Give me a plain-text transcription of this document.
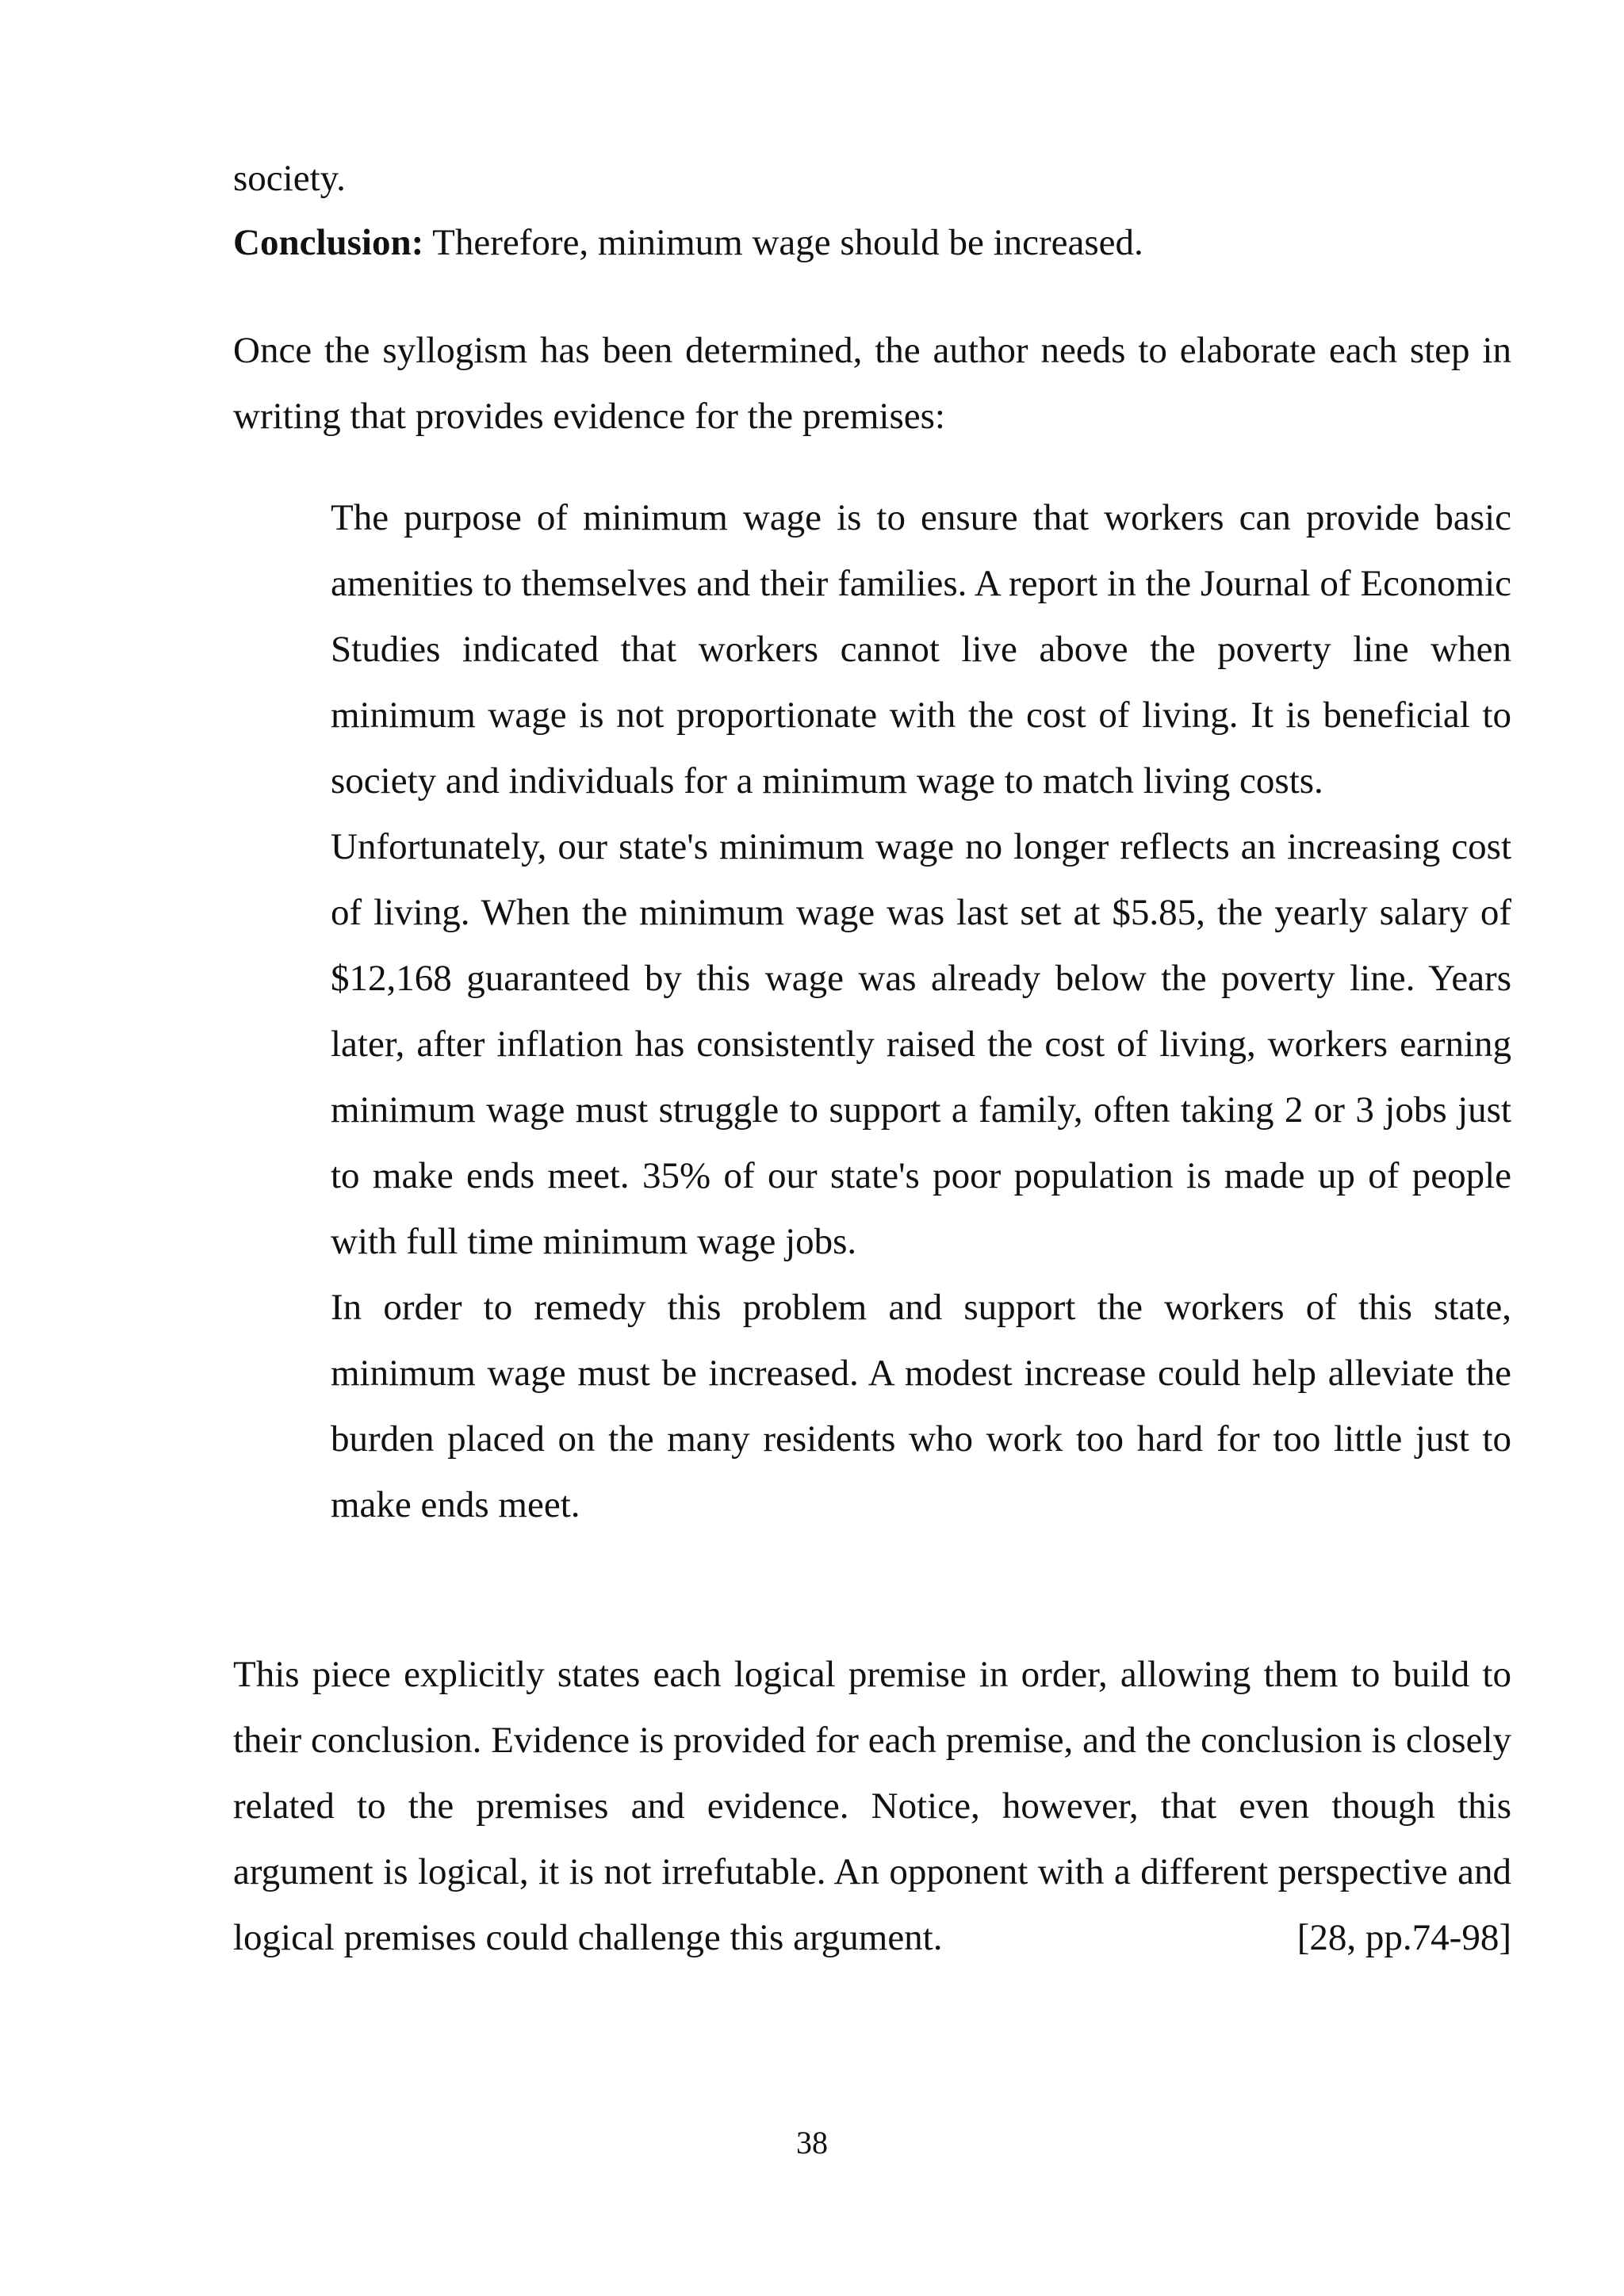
society.
Conclusion: Therefore, minimum wage should be increased.

Once the syllogism has been determined, the author needs to elaborate each step in writing that provides evidence for the premises:

The purpose of minimum wage is to ensure that workers can provide basic amenities to themselves and their families. A report in the Journal of Economic Studies indicated that workers cannot live above the poverty line when minimum wage is not proportionate with the cost of living. It is beneficial to society and individuals for a minimum wage to match living costs.

Unfortunately, our state's minimum wage no longer reflects an increasing cost of living. When the minimum wage was last set at $5.85, the yearly salary of $12,168 guaranteed by this wage was already below the poverty line. Years later, after inflation has consistently raised the cost of living, workers earning minimum wage must struggle to support a family, often taking 2 or 3 jobs just to make ends meet. 35% of our state's poor population is made up of people with full time minimum wage jobs.

In order to remedy this problem and support the workers of this state, minimum wage must be increased. A modest increase could help alleviate the burden placed on the many residents who work too hard for too little just to make ends meet.

This piece explicitly states each logical premise in order, allowing them to build to their conclusion. Evidence is provided for each premise, and the conclusion is closely related to the premises and evidence. Notice, however, that even though this argument is logical, it is not irrefutable. An opponent with a different perspective and logical premises could challenge this argument.	[28, pp.74-98]

38
